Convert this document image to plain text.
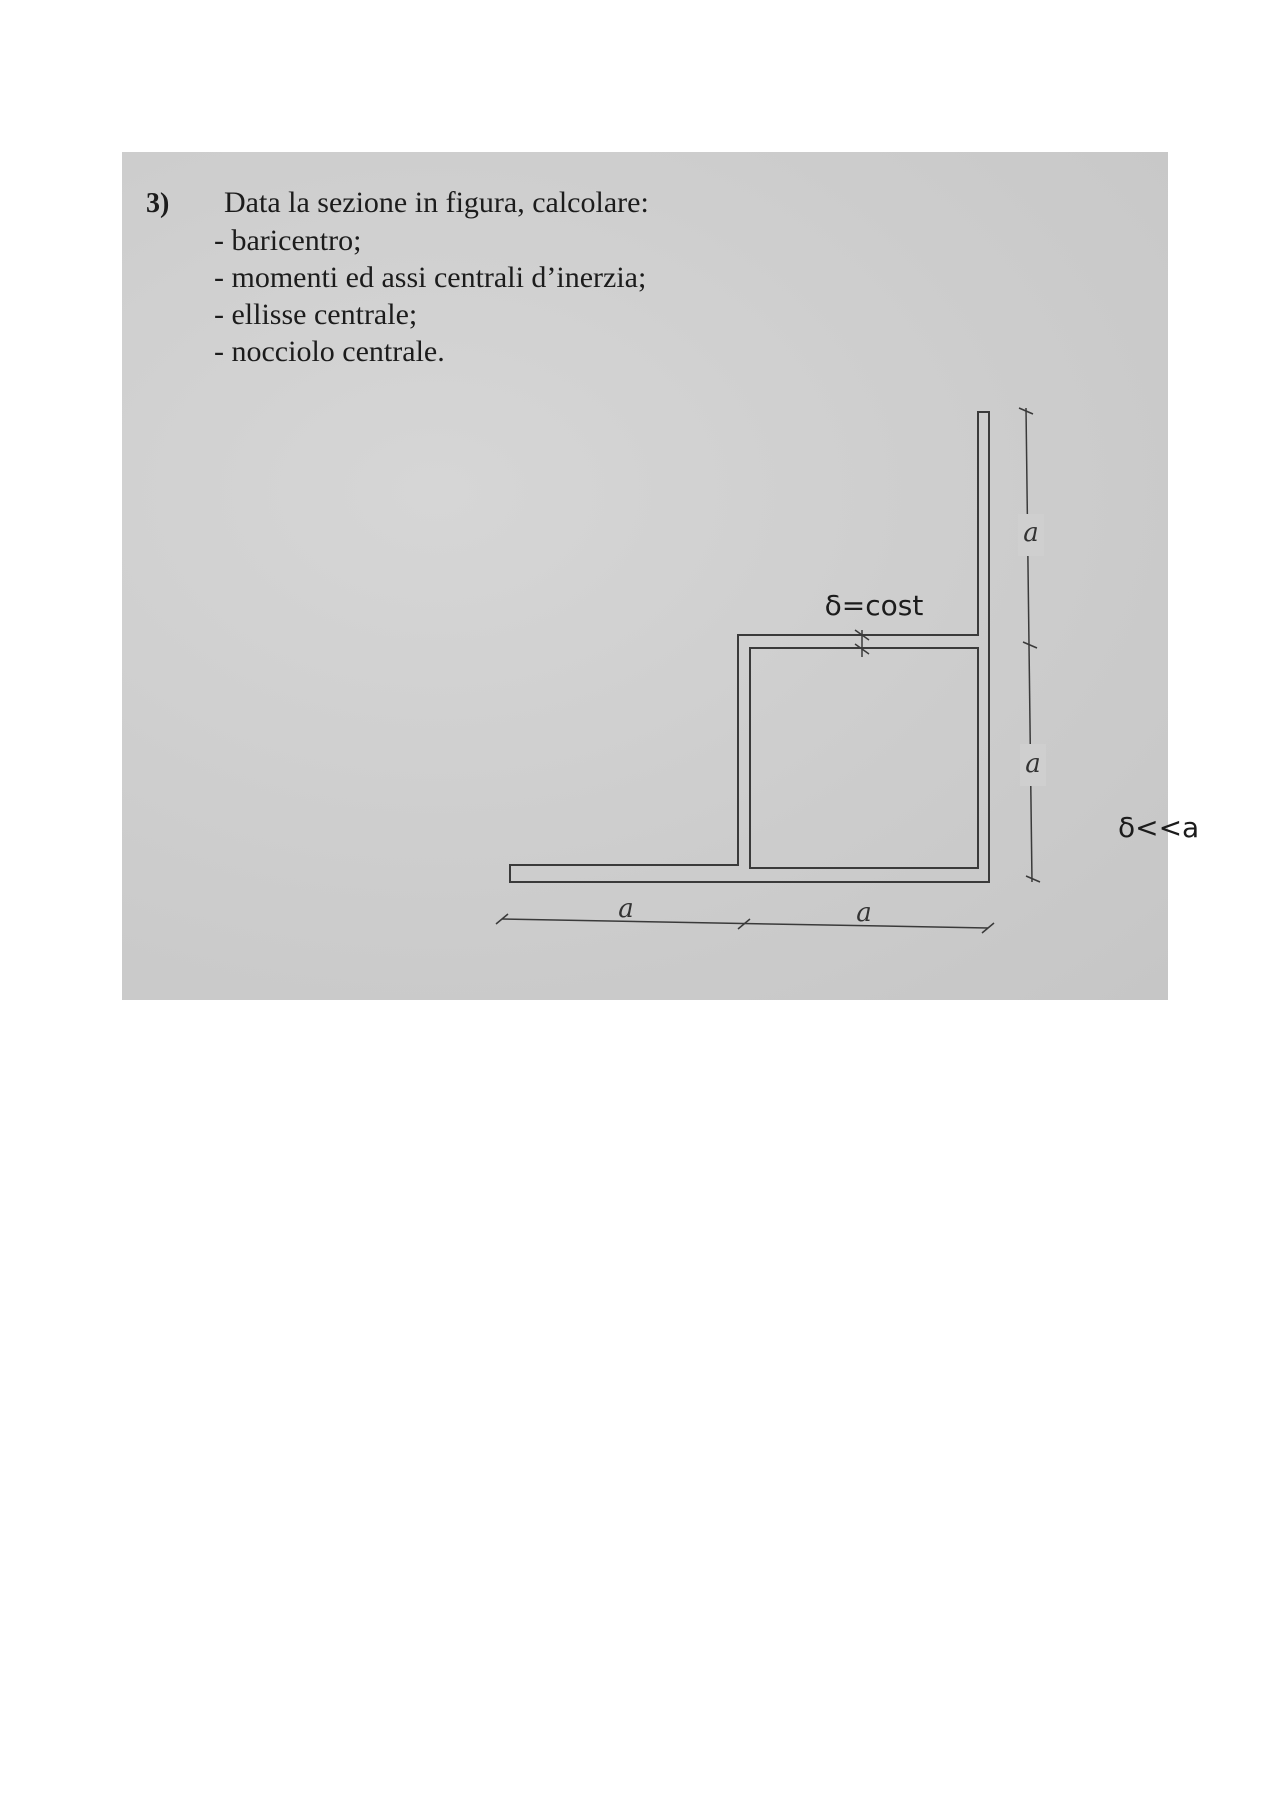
3) Data la sezione in figura, calcolare:
- baricentro;
- momenti ed assi centrali d’inerzia;
- ellisse centrale;
- nocciolo centrale.
a	a
a
a
δ=cost
δ<<a
